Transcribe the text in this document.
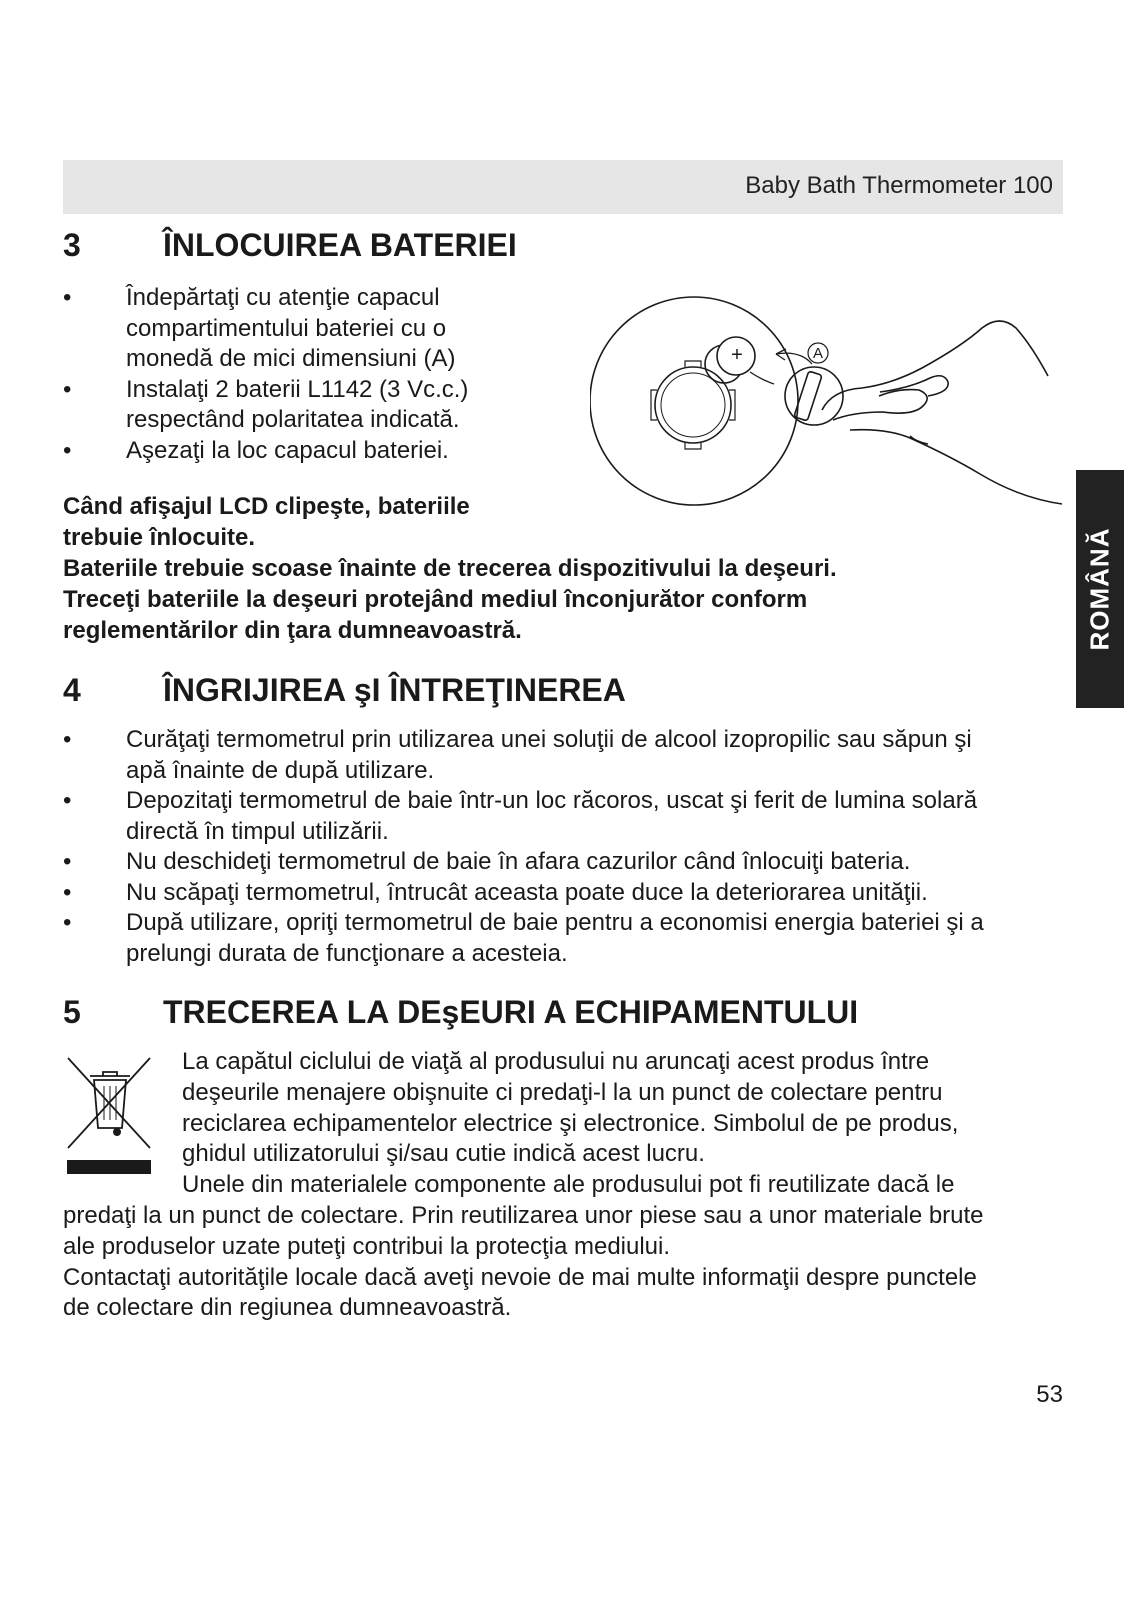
Baby Bath Thermometer 100
3	ÎNLOCUIREA BATERIEI
• Îndepărtaţi cu atenţie capacul
compartimentului bateriei cu o
monedă de mici dimensiuni (A)
• Instalaţi 2 baterii L1142 (3 Vc.c.)
respectând polaritatea indicată.
• Aşezaţi la loc capacul bateriei.
A
+
Când afişajul LCD clipeşte, bateriile
trebuie înlocuite.
Bateriile trebuie scoase înainte de trecerea dispozitivului la deşeuri.
Treceţi bateriile la deşeuri protejând mediul înconjurător conform
reglementărilor din ţara dumneavoastră.
4	ÎNGRIJIREA şI ÎNTREŢINEREA
• Curăţaţi termometrul prin utilizarea unei soluţii de alcool izopropilic sau săpun şi
apă înainte de după utilizare.
• Depozitaţi termometrul de baie într-un loc răcoros, uscat şi ferit de lumina solară
directă în timpul utilizării.
• Nu deschideţi termometrul de baie în afara cazurilor când înlocuiţi bateria.
• Nu scăpaţi termometrul, întrucât aceasta poate duce la deteriorarea unităţii.
• După utilizare, opriţi termometrul de baie pentru a economisi energia bateriei şi a
prelungi durata de funcţionare a acesteia.
5	TRECEREA LA DEşEURI A ECHIPAMENTULUI
La capătul ciclului de viaţă al produsului nu aruncaţi acest produs între
deşeurile menajere obişnuite ci predaţi-l la un punct de colectare pentru
reciclarea echipamentelor electrice şi electronice. Simbolul de pe produs,
ghidul utilizatorului şi/sau cutie indică acest lucru.
Unele din materialele componente ale produsului pot fi reutilizate dacă le
predaţi la un punct de colectare. Prin reutilizarea unor piese sau a unor materiale brute
ale produselor uzate puteţi contribui la protecţia mediului.
Contactaţi autorităţile locale dacă aveţi nevoie de mai multe informaţii despre punctele
de colectare din regiunea dumneavoastră.
ROMÂNĂ
53
